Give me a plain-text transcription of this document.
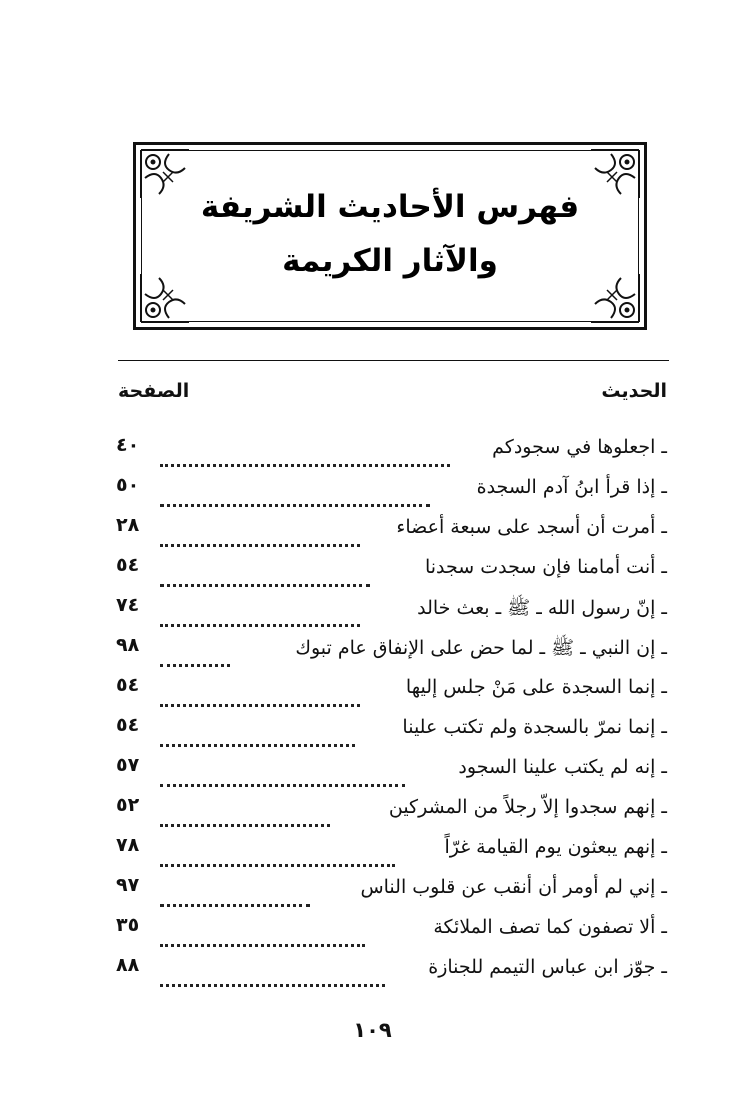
فهرس الأحاديث الشريفة
والآثار الكريمة
الحديث
الصفحة
ـ اجعلوها في سجودكم
٤٠
ـ إذا قرأ ابنُ آدم السجدة
٥٠
ـ أمرت أن أسجد على سبعة أعضاء
٢٨
ـ أنت أمامنا فإن سجدت سجدنا
٥٤
ـ إنّ رسول الله ـ ﷺ ـ بعث خالد
٧٤
ـ إن النبي ـ ﷺ ـ لما حض على الإنفاق عام تبوك
٩٨
ـ إنما السجدة على مَنْ جلس إليها
٥٤
ـ إنما نمرّ بالسجدة ولم تكتب علينا
٥٤
ـ إنه لم يكتب علينا السجود
٥٧
ـ إنهم سجدوا إلاّ رجلاً من المشركين
٥٢
ـ إنهم يبعثون يوم القيامة غرّاً
٧٨
ـ إني لم أومر أن أنقب عن قلوب الناس
٩٧
ـ ألا تصفون كما تصف الملائكة
٣٥
ـ جوّز ابن عباس التيمم للجنازة
٨٨
١٠٩
